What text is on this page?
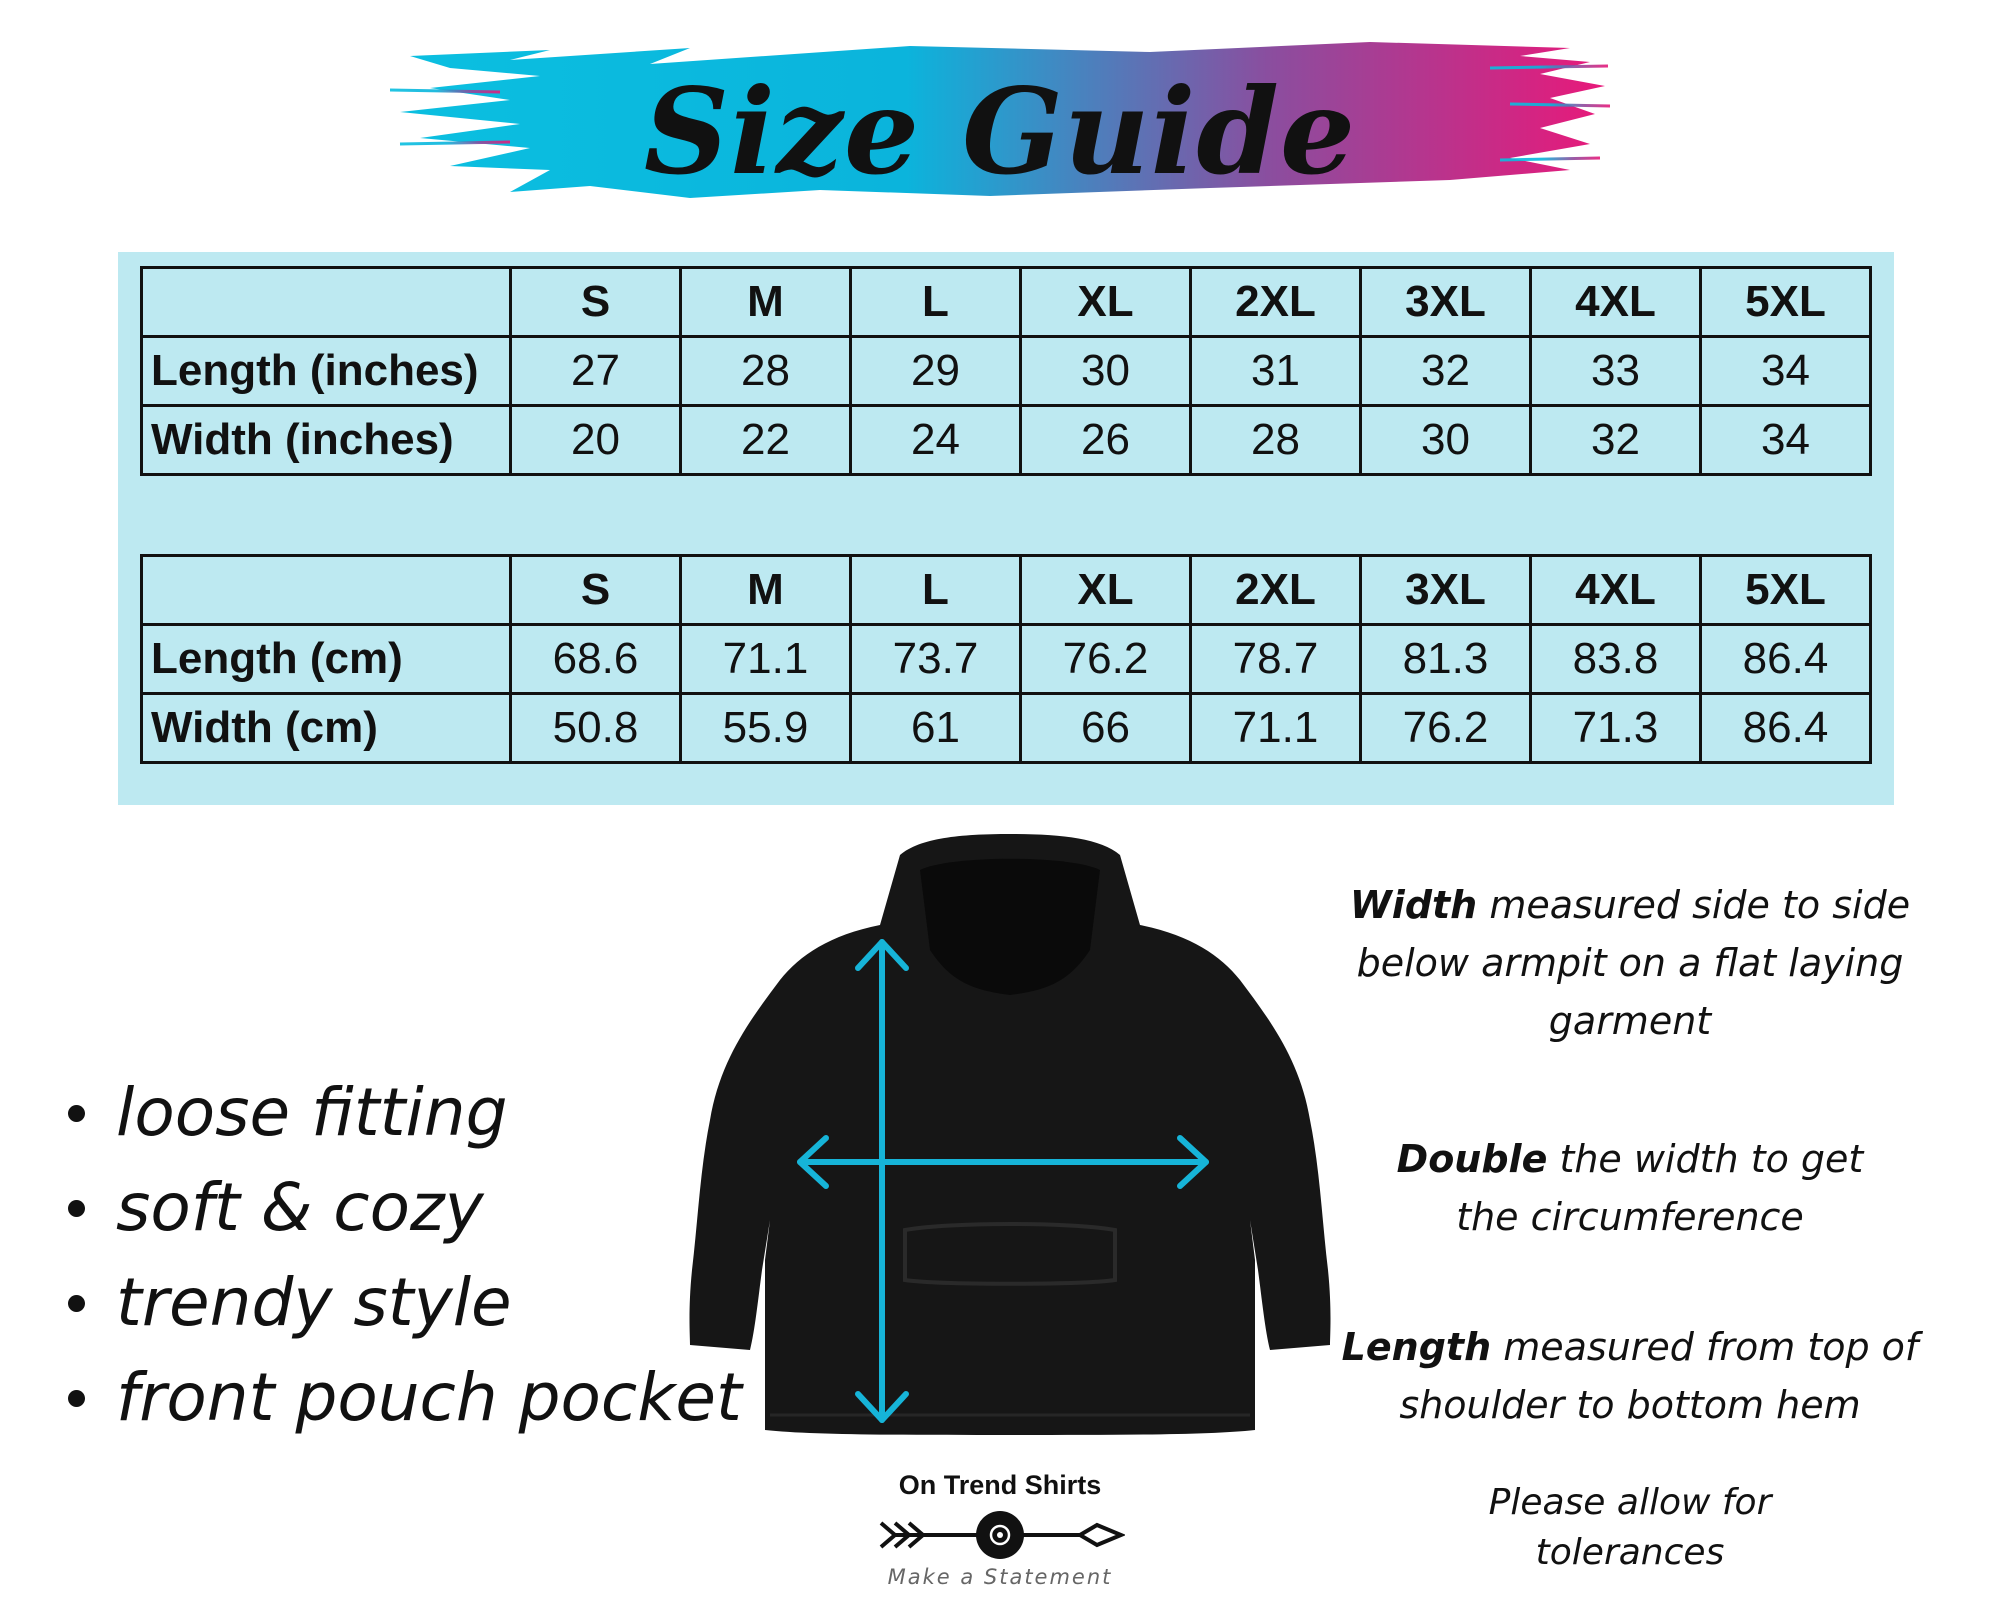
Size Guide
	S	M	L	XL	2XL	3XL	4XL	5XL
Length (inches)	27	28	29	30	31	32	33	34
Width (inches)	20	22	24	26	28	30	32	34
	S	M	L	XL	2XL	3XL	4XL	5XL
Length (cm)	68.6	71.1	73.7	76.2	78.7	81.3	83.8	86.4
Width (cm)	50.8	55.9	61	66	71.1	76.2	71.3	86.4
loose fitting
soft & cozy
trendy style
front pouch pocket
Width measured side to side below armpit on a flat laying garment
Double the width to get the circumference
Length measured from top of shoulder to bottom hem
Please allow for tolerances
On Trend Shirts
Make a Statement
